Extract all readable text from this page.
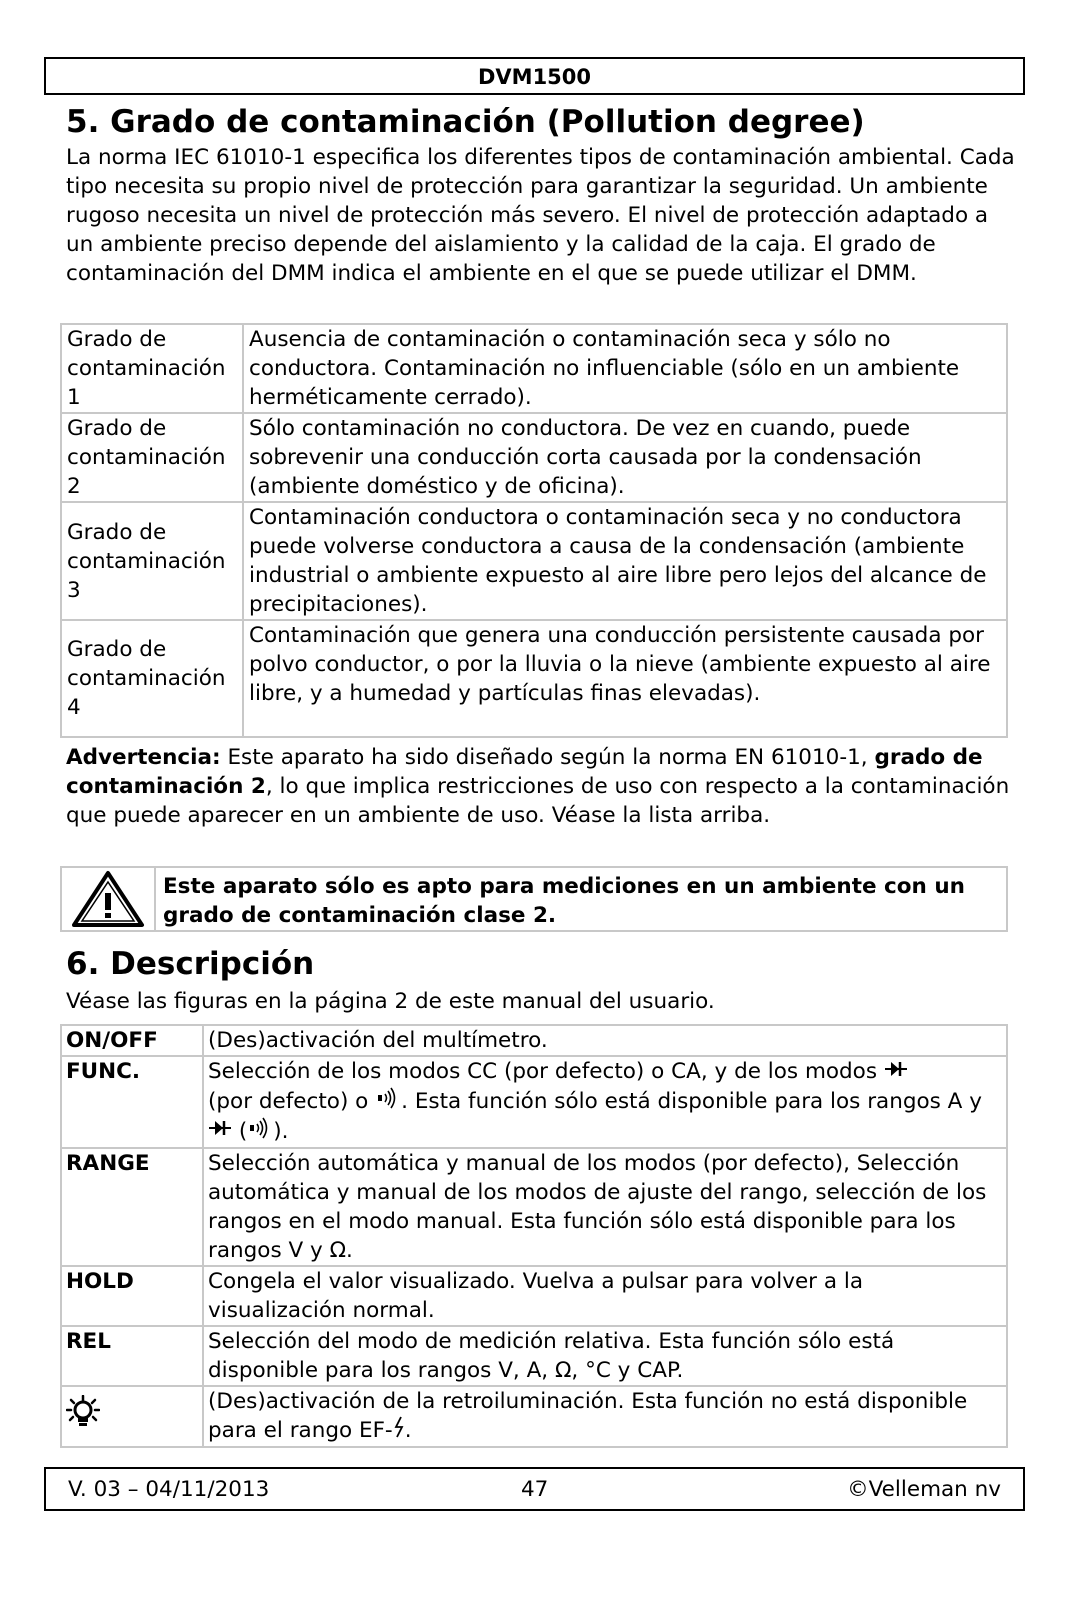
DVM1500
5. Grado de contaminación (Pollution degree)

La norma IEC 61010-1 especifica los diferentes tipos de contaminación ambiental. Cada tipo necesita su propio nivel de protección para garantizar la seguridad. Un ambiente rugoso necesita un nivel de protección más severo. El nivel de protección adaptado a un ambiente preciso depende del aislamiento y la calidad de la caja. El grado de contaminación del DMM indica el ambiente en el que se puede utilizar el DMM.

Grado de contaminación 1	Ausencia de contaminación o contaminación seca y sólo no conductora. Contaminación no influenciable (sólo en un ambiente herméticamente cerrado).
Grado de contaminación 2	Sólo contaminación no conductora. De vez en cuando, puede sobrevenir una conducción corta causada por la condensación (ambiente doméstico y de oficina).
Grado de contaminación 3	Contaminación conductora o contaminación seca y no conductora puede volverse conductora a causa de la condensación (ambiente industrial o ambiente expuesto al aire libre pero lejos del alcance de precipitaciones).
Grado de contaminación 4	Contaminación que genera una conducción persistente causada por polvo conductor, o por la lluvia o la nieve (ambiente expuesto al aire libre, y a humedad y partículas finas elevadas).

Advertencia: Este aparato ha sido diseñado según la norma EN 61010-1, grado de contaminación 2, lo que implica restricciones de uso con respecto a la contaminación que puede aparecer en un ambiente de uso. Véase la lista arriba.

Este aparato sólo es apto para mediciones en un ambiente con un grado de contaminación clase 2.
6. Descripción

Véase las figuras en la página 2 de este manual del usuario.

ON/OFF	(Des)activación del multímetro.
FUNC.	Selección de los modos CC (por defecto) o CA, y de los modos
(por defecto) o . Esta función sólo está disponible para los rangos A y  ( ).
RANGE	Selección automática y manual de los modos (por defecto), Selección automática y manual de los modos de ajuste del rango, selección de los rangos en el modo manual. Esta función sólo está disponible para los rangos V y Ω.
HOLD	Congela el valor visualizado. Vuelva a pulsar para volver a la visualización normal.
REL	Selección del modo de medición relativa. Esta función sólo está disponible para los rangos V, A, Ω, °C y CAP.
	(Des)activación de la retroiluminación. Esta función no está disponible para el rango EF- .
V. 03 – 04/11/2013	47	©Velleman nv
